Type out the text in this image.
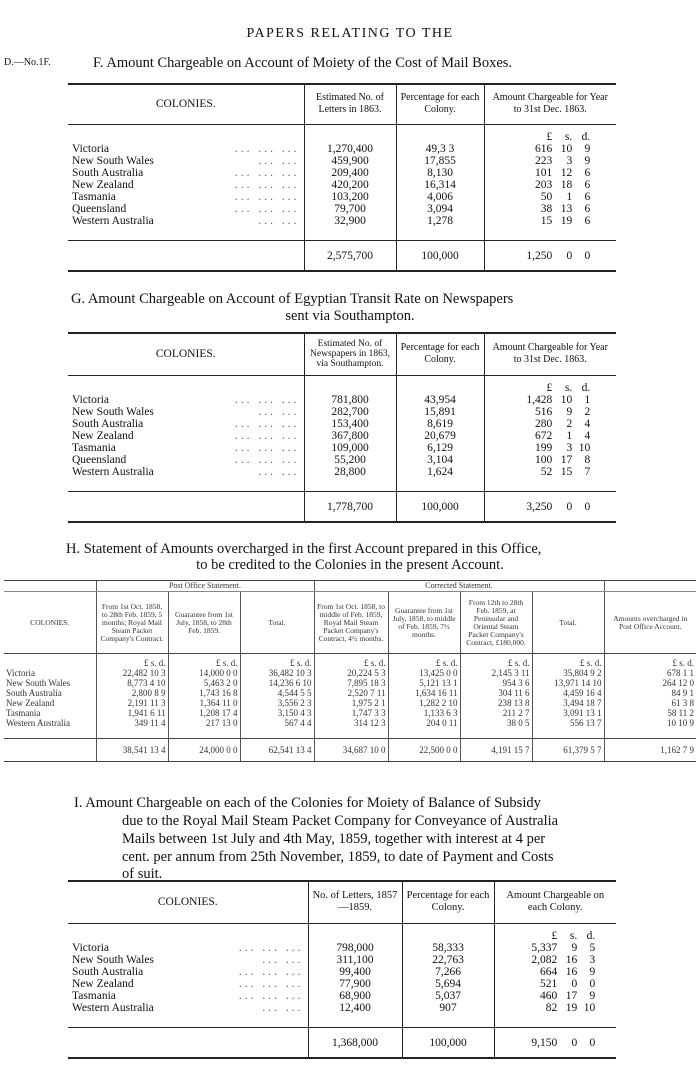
PAPERS RELATING TO THE
D.—No.1F.	F. Amount Chargeable on Account of Moiety of the Cost of Mail Boxes.
COLONIES.	Estimated No. of Letters in 1863.	Percentage for each Colony.	Amount Chargeable for Year to 31st Dec. 1863.
			£ s. d.
Victoria ... ... ...	1,270,400	49,3 3	616 10 9
New South Wales ... ...	459,900	17,855	223 3 9
South Australia ... ... ...	209,400	8,130	101 12 6
New Zealand ... ... ...	420,200	16,314	203 18 6
Tasmania ... ... ...	103,200	4,006	50 1 6
Queensland ... ... ...	79,700	3,094	38 13 6
Western Australia ... ...	32,900	1,278	15 19 6

	2,575,700	100,000	1,250 0 0
G. Amount Chargeable on Account of Egyptian Transit Rate on Newspapers
sent via Southampton.
COLONIES.	Estimated No. of Newspapers in 1863, via Southampton.	Percentage for each Colony.	Amount Chargeable for Year to 31st Dec. 1863.
			£ s. d.
Victoria ... ... ...	781,800	43,954	1,428 10 1
New South Wales ... ...	282,700	15,891	516 9 2
South Australia ... ... ...	153,400	8,619	280 2 4
New Zealand ... ... ...	367,800	20,679	672 1 4
Tasmania ... ... ...	109,000	6,129	199 3 10
Queensland ... ... ...	55,200	3,104	100 17 8
Western Australia ... ...	28,800	1,624	52 15 7

	1,778,700	100,000	3,250 0 0
H. Statement of Amounts overcharged in the first Account prepared in this Office,
to be credited to the Colonies in the present Account.
	Post Office Statement.			Corrected Statement.				
COLONIES.	From 1st Oct. 1858, to 28th Feb. 1859, 5 months; Royal Mail Steam Packet Company's Contract.	Guarantee from 1st July, 1858, to 28th Feb. 1859.	Total.	From 1st Oct. 1858, to middle of Feb. 1859, Royal Mail Steam Packet Company's Contract, 4½ months.	Guarantee from 1st July, 1858, to middle of Feb. 1859, 7½ months.	From 12th to 28th Feb. 1859, at Peninsular and Oriental Steam Packet Company's Contract, £180,000.	Total.	Amounts overcharged in Post Office Account.
	£ s. d.	£ s. d.	£ s. d.	£ s. d.	£ s. d.	£ s. d.	£ s. d.	£ s. d.
Victoria	22,482 10 3	14,000 0 0	36,482 10 3	20,224 5 3	13,425 0 0	2,145 3 11	35,804 9 2	678 1 1
New South Wales	8,773 4 10	5,463 2 0	14,236 6 10	7,895 18 3	5,121 13 1	954 3 6	13,971 14 10	264 12 0
South Australia	2,800 8 9	1,743 16 8	4,544 5 5	2,520 7 11	1,634 16 11	304 11 6	4,459 16 4	84 9 1
New Zealand	2,191 11 3	1,364 11 0	3,556 2 3	1,975 2 1	1,282 2 10	238 13 8	3,494 18 7	61 3 8
Tasmania	1,941 6 11	1,208 17 4	3,150 4 3	1,747 3 3	1,133 6 3	211 2 7	3,091 13 1	58 11 2
Western Australia	349 11 4	217 13 0	567 4 4	314 12 3	204 0 11	38 0 5	556 13 7	10 10 9

	38,541 13 4	24,000 0 0	62,541 13 4	34,687 10 0	22,500 0 0	4,191 15 7	61,379 5 7	1,162 7 9
I. Amount Chargeable on each of the Colonies for Moiety of Balance of Subsidy
due to the Royal Mail Steam Packet Company for Conveyance of Australia
Mails between 1st July and 4th May, 1859, together with interest at 4 per
cent. per annum from 25th November, 1859, to date of Payment and Costs
of suit.
COLONIES.	No. of Letters, 1857—1859.	Percentage for each Colony.	Amount Chargeable on each Colony.
			£ s. d.
Victoria ... ... ...	798,000	58,333	5,337 9 5
New South Wales ... ...	311,100	22,763	2,082 16 3
South Australia ... ... ...	99,400	7,266	664 16 9
New Zealand ... ... ...	77,900	5,694	521 0 0
Tasmania ... ... ...	68,900	5,037	460 17 9
Western Australia ... ...	12,400	907	82 19 10

	1,368,000	100,000	9,150 0 0
